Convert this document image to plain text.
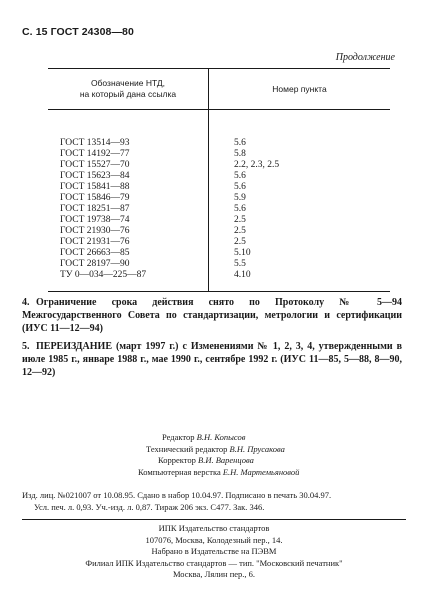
С. 15 ГОСТ 24308—80
Продолжение
Обозначение НТД,
на который дана ссылка	Номер пункта
ГОСТ 13514—93	5.6
ГОСТ 14192—77	5.8
ГОСТ 15527—70	2.2, 2.3, 2.5
ГОСТ 15623—84	5.6
ГОСТ 15841—88	5.6
ГОСТ 15846—79	5.9
ГОСТ 18251—87	5.6
ГОСТ 19738—74	2.5
ГОСТ 21930—76	2.5
ГОСТ 21931—76	2.5
ГОСТ 26663—85	5.10
ГОСТ 28197—90	5.5
ТУ 0—034—225—87	4.10
4. Ограничение срока действия снято по Протоколу № 5—94 Межгосударственного Совета по стандартизации, метрологии и сертификации (ИУС 11—12—94)
5. ПЕРЕИЗДАНИЕ (март 1997 г.) с Изменениями № 1, 2, 3, 4, утвержденными в июле 1985 г., январе 1988 г., мае 1990 г., сентябре 1992 г. (ИУС 11—85, 5—88, 8—90, 12—92)
Редактор В.Н. Копысов
Технический редактор В.Н. Прусакова
Корректор В.И. Варенцова
Компьютерная верстка Е.Н. Мартемьяновой
Изд. лиц. №021007 от 10.08.95. Сдано в набор 10.04.97. Подписано в печать 30.04.97.
Усл. печ. л. 0,93. Уч.-изд. л. 0,87. Тираж 206 экз. С477. Зак. 346.
ИПК Издательство стандартов
107076, Москва, Колодезный пер., 14.
Набрано в Издательстве на ПЭВМ
Филиал ИПК Издательство стандартов — тип. "Московский печатник"
Москва, Лялин пер., 6.
